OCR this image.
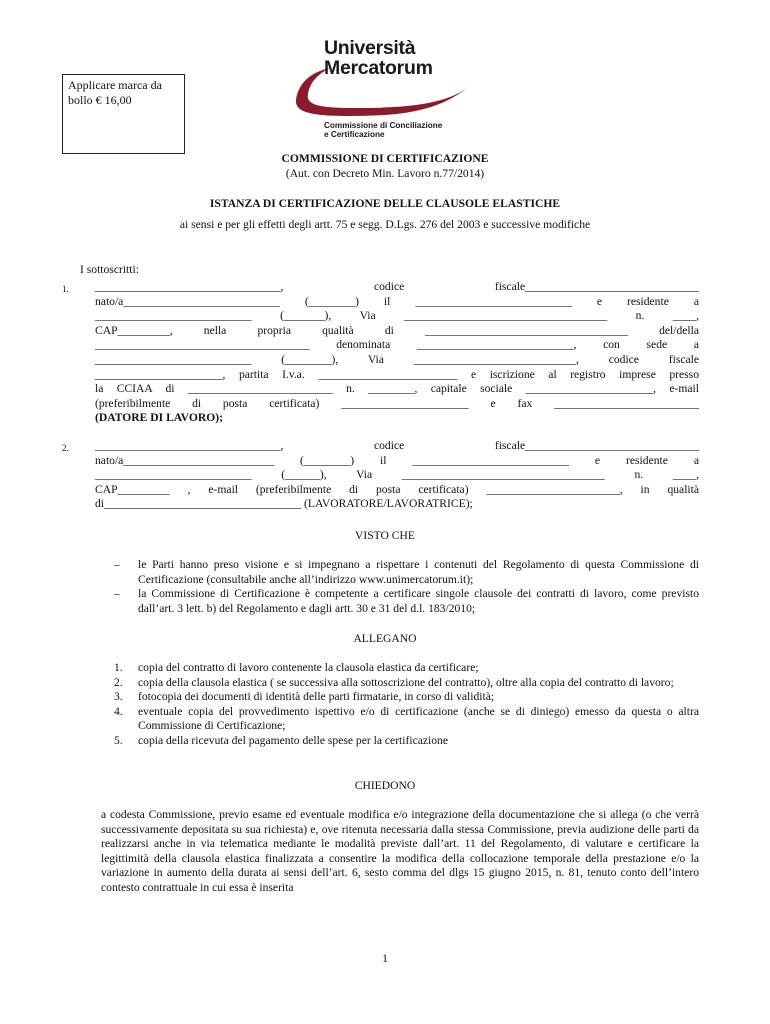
Applicare marca da bollo € 16,00
Università
Mercatorum
Commissione di Conciliazione
e Certificazione
COMMISSIONE DI CERTIFICAZIONE
(Aut. con Decreto Min. Lavoro n.77/2014)
ISTANZA DI CERTIFICAZIONE DELLE CLAUSOLE ELASTICHE
ai sensi e per gli effetti degli artt. 75 e segg. D.Lgs. 276 del 2003 e successive modifiche
I sottoscritti:
1. ________________________________, codice fiscale______________________________
nato/a___________________________ (________) il ___________________________ e residente a
___________________________ (_______), Via ___________________________________ n. ____,
CAP_________, nella propria qualità di ___________________________________ del/della
_____________________________________ denominata ___________________________, con sede a
___________________________ (________), Via ____________________________, codice fiscale
______________________, partita I.v.a. ________________________ e iscrizione al registro imprese presso
la CCIAA di _________________________ n. ________, capitale sociale ______________________, e-mail
(preferibilmente di posta certificata) ______________________ e fax _________________________
(DATORE DI LAVORO);
2. ________________________________, codice fiscale______________________________
nato/a__________________________ (________) il ___________________________ e residente a
___________________________ (______), Via ___________________________________ n. ____,
CAP_________ , e-mail (preferibilmente di posta certificata) _______________________, in qualità
di__________________________________ (LAVORATORE/LAVORATRICE);
VISTO CHE
– le Parti hanno preso visione e si impegnano a rispettare i contenuti del Regolamento di questa Commissione di Certificazione (consultabile anche all’indirizzo www.unimercatorum.it);
– la Commissione di Certificazione è competente a certificare singole clausole dei contratti di lavoro, come previsto dall’art. 3 lett. b) del Regolamento e dagli artt. 30 e 31 del d.l. 183/2010;
ALLEGANO
1. copia del contratto di lavoro contenente la clausola elastica da certificare;
2. copia della clausola elastica ( se successiva alla sottoscrizione del contratto), oltre alla copia del contratto di lavoro;
3. fotocopia dei documenti di identità delle parti firmatarie, in corso di validità;
4. eventuale copia del provvedimento ispettivo e/o di certificazione (anche se di diniego) emesso da questa o altra Commissione di Certificazione;
5. copia della ricevuta del pagamento delle spese per la certificazione
CHIEDONO
a codesta Commissione, previo esame ed eventuale modifica e/o integrazione della documentazione che si allega (o che verrà successivamente depositata su sua richiesta) e, ove ritenuta necessaria dalla stessa Commissione, previa audizione delle parti da realizzarsi anche in via telematica mediante le modalità previste dall’art. 11 del Regolamento, di valutare e certificare la legittimità della clausola elastica finalizzata a consentire la modifica della collocazione temporale della prestazione e/o la variazione in aumento della durata ai sensi dell’art. 6, sesto comma del dlgs 15 giugno 2015, n. 81, tenuto conto dell’intero contesto contrattuale in cui essa è inserita
1
